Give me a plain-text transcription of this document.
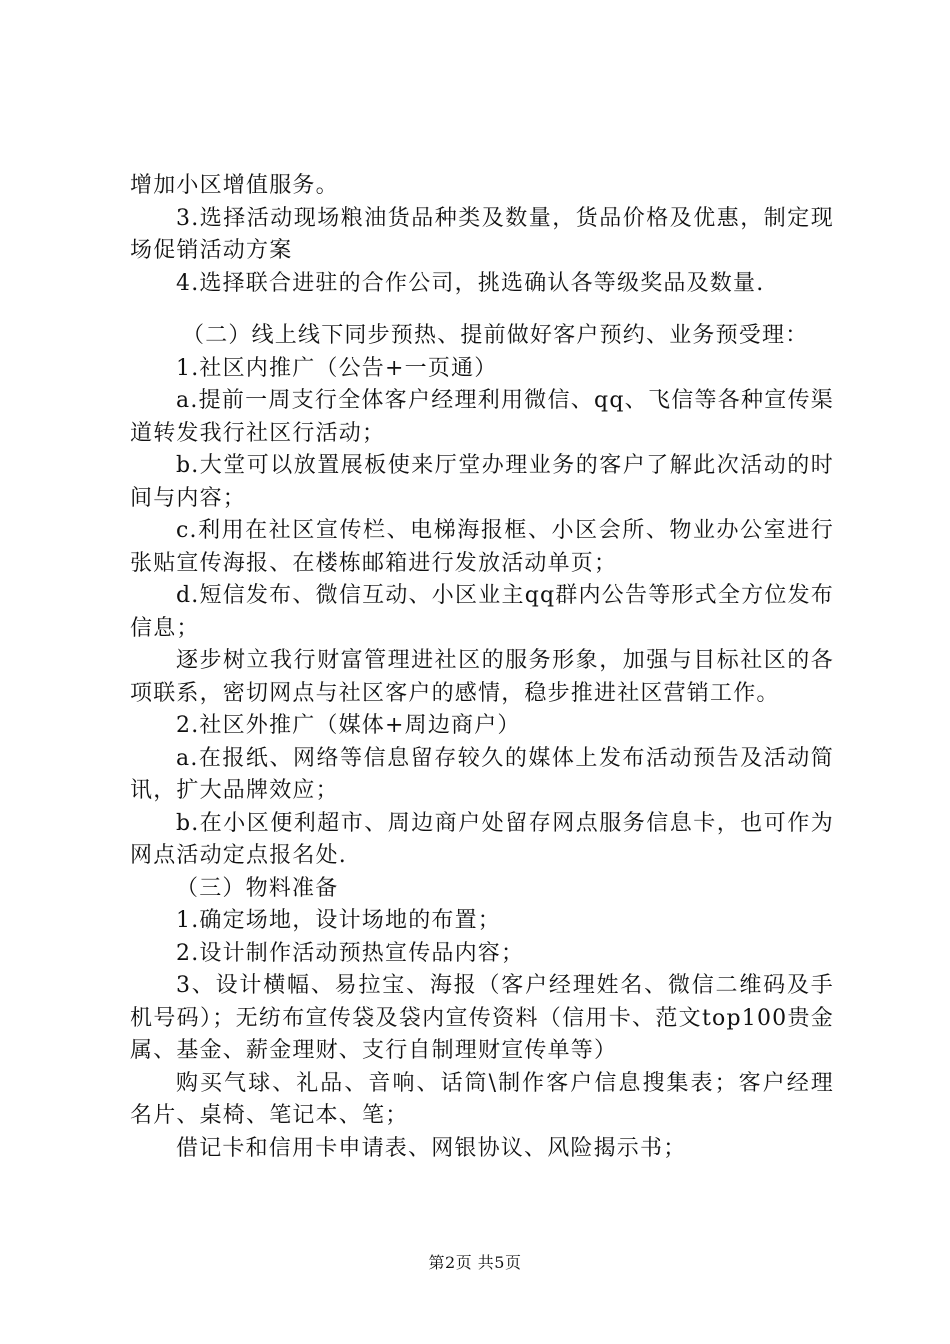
增加小区增值服务。

3.选择活动现场粮油货品种类及数量，货品价格及优惠，制定现场促销活动方案

4.选择联合进驻的合作公司，挑选确认各等级奖品及数量.

（二）线上线下同步预热、提前做好客户预约、业务预受理：

1.社区内推广（公告+一页通）

a.提前一周支行全体客户经理利用微信、qq、飞信等各种宣传渠道转发我行社区行活动；

b.大堂可以放置展板使来厅堂办理业务的客户了解此次活动的时间与内容；

c.利用在社区宣传栏、电梯海报框、小区会所、物业办公室进行张贴宣传海报、在楼栋邮箱进行发放活动单页；

d.短信发布、微信互动、小区业主qq群内公告等形式全方位发布信息；

逐步树立我行财富管理进社区的服务形象，加强与目标社区的各项联系，密切网点与社区客户的感情，稳步推进社区营销工作。

2.社区外推广（媒体+周边商户）

a.在报纸、网络等信息留存较久的媒体上发布活动预告及活动简讯，扩大品牌效应；

b.在小区便利超市、周边商户处留存网点服务信息卡，也可作为网点活动定点报名处.

（三）物料准备

1.确定场地，设计场地的布置；

2.设计制作活动预热宣传品内容；

3、设计横幅、易拉宝、海报（客户经理姓名、微信二维码及手机号码）；无纺布宣传袋及袋内宣传资料（信用卡、范文top100贵金属、基金、薪金理财、支行自制理财宣传单等）

购买气球、礼品、音响、话筒\制作客户信息搜集表；客户经理名片、桌椅、笔记本、笔；

借记卡和信用卡申请表、网银协议、风险揭示书；

第2页 共5页
